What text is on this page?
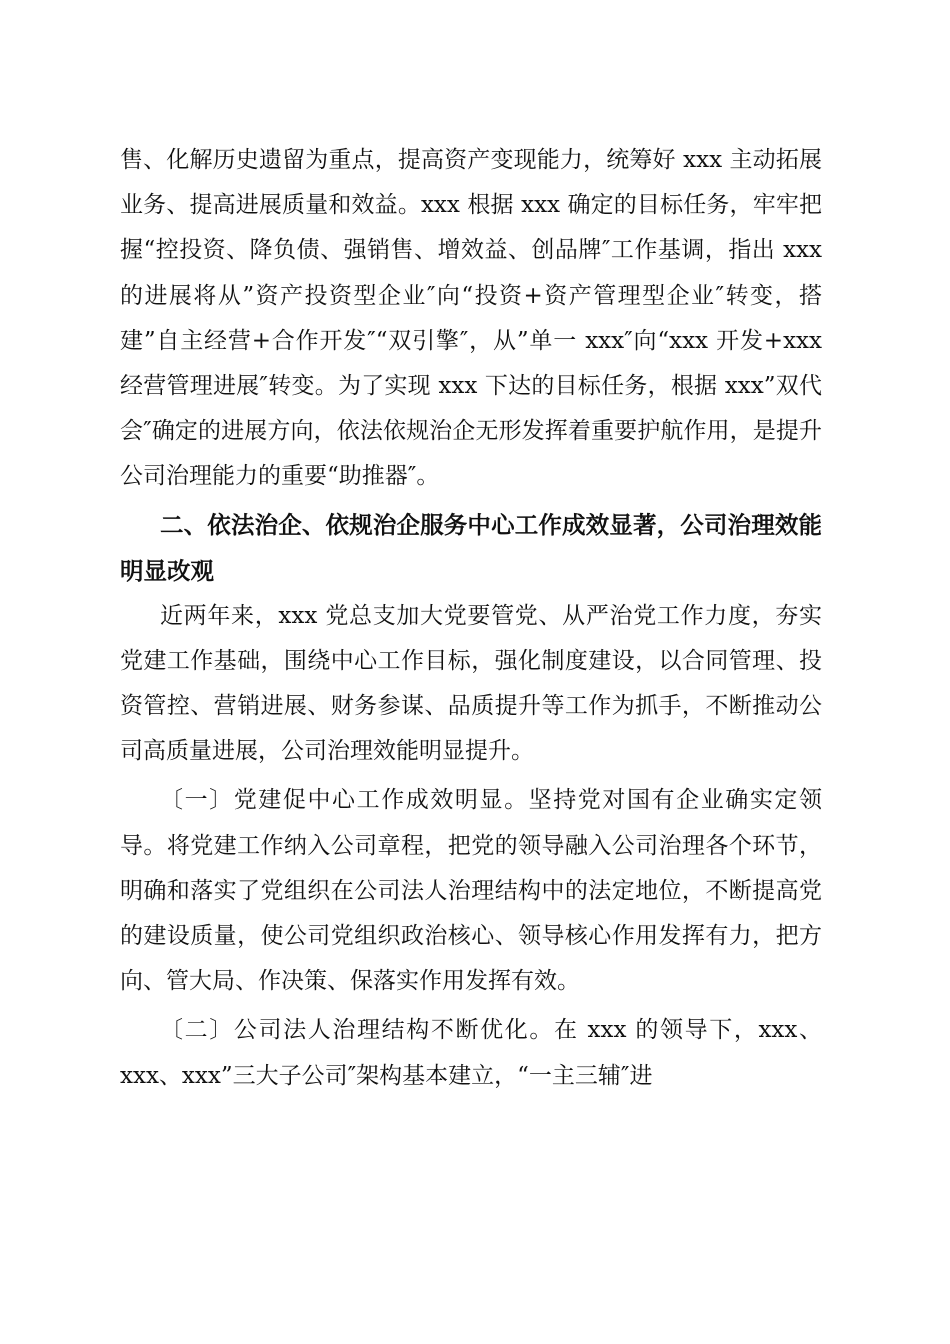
售、化解历史遗留为重点，提高资产变现能力，统筹好 xxx 主动拓展业务、提高进展质量和效益。xxx 根据 xxx 确定的目标任务，牢牢把握“控投资、降负债、强销售、增效益、创品牌″工作基调，指出 xxx 的进展将从”资产投资型企业″向“投资+资产管理型企业″转变，搭建”自主经营+合作开发″“双引擎″，从”单一 xxx″向“xxx 开发+xxx 经营管理进展″转变。为了实现 xxx 下达的目标任务，根据 xxx”双代会″确定的进展方向，依法依规治企无形发挥着重要护航作用，是提升公司治理能力的重要“助推器″。

二、依法治企、依规治企服务中心工作成效显著，公司治理效能明显改观

近两年来，xxx 党总支加大党要管党、从严治党工作力度，夯实党建工作基础，围绕中心工作目标，强化制度建设，以合同管理、投资管控、营销进展、财务参谋、品质提升等工作为抓手，不断推动公司高质量进展，公司治理效能明显提升。

〔一〕党建促中心工作成效明显。坚持党对国有企业确实定领导。将党建工作纳入公司章程，把党的领导融入公司治理各个环节，明确和落实了党组织在公司法人治理结构中的法定地位，不断提高党的建设质量，使公司党组织政治核心、领导核心作用发挥有力，把方向、管大局、作决策、保落实作用发挥有效。

〔二〕公司法人治理结构不断优化。在 xxx 的领导下，xxx、xxx、xxx”三大子公司″架构基本建立，“一主三辅″进
